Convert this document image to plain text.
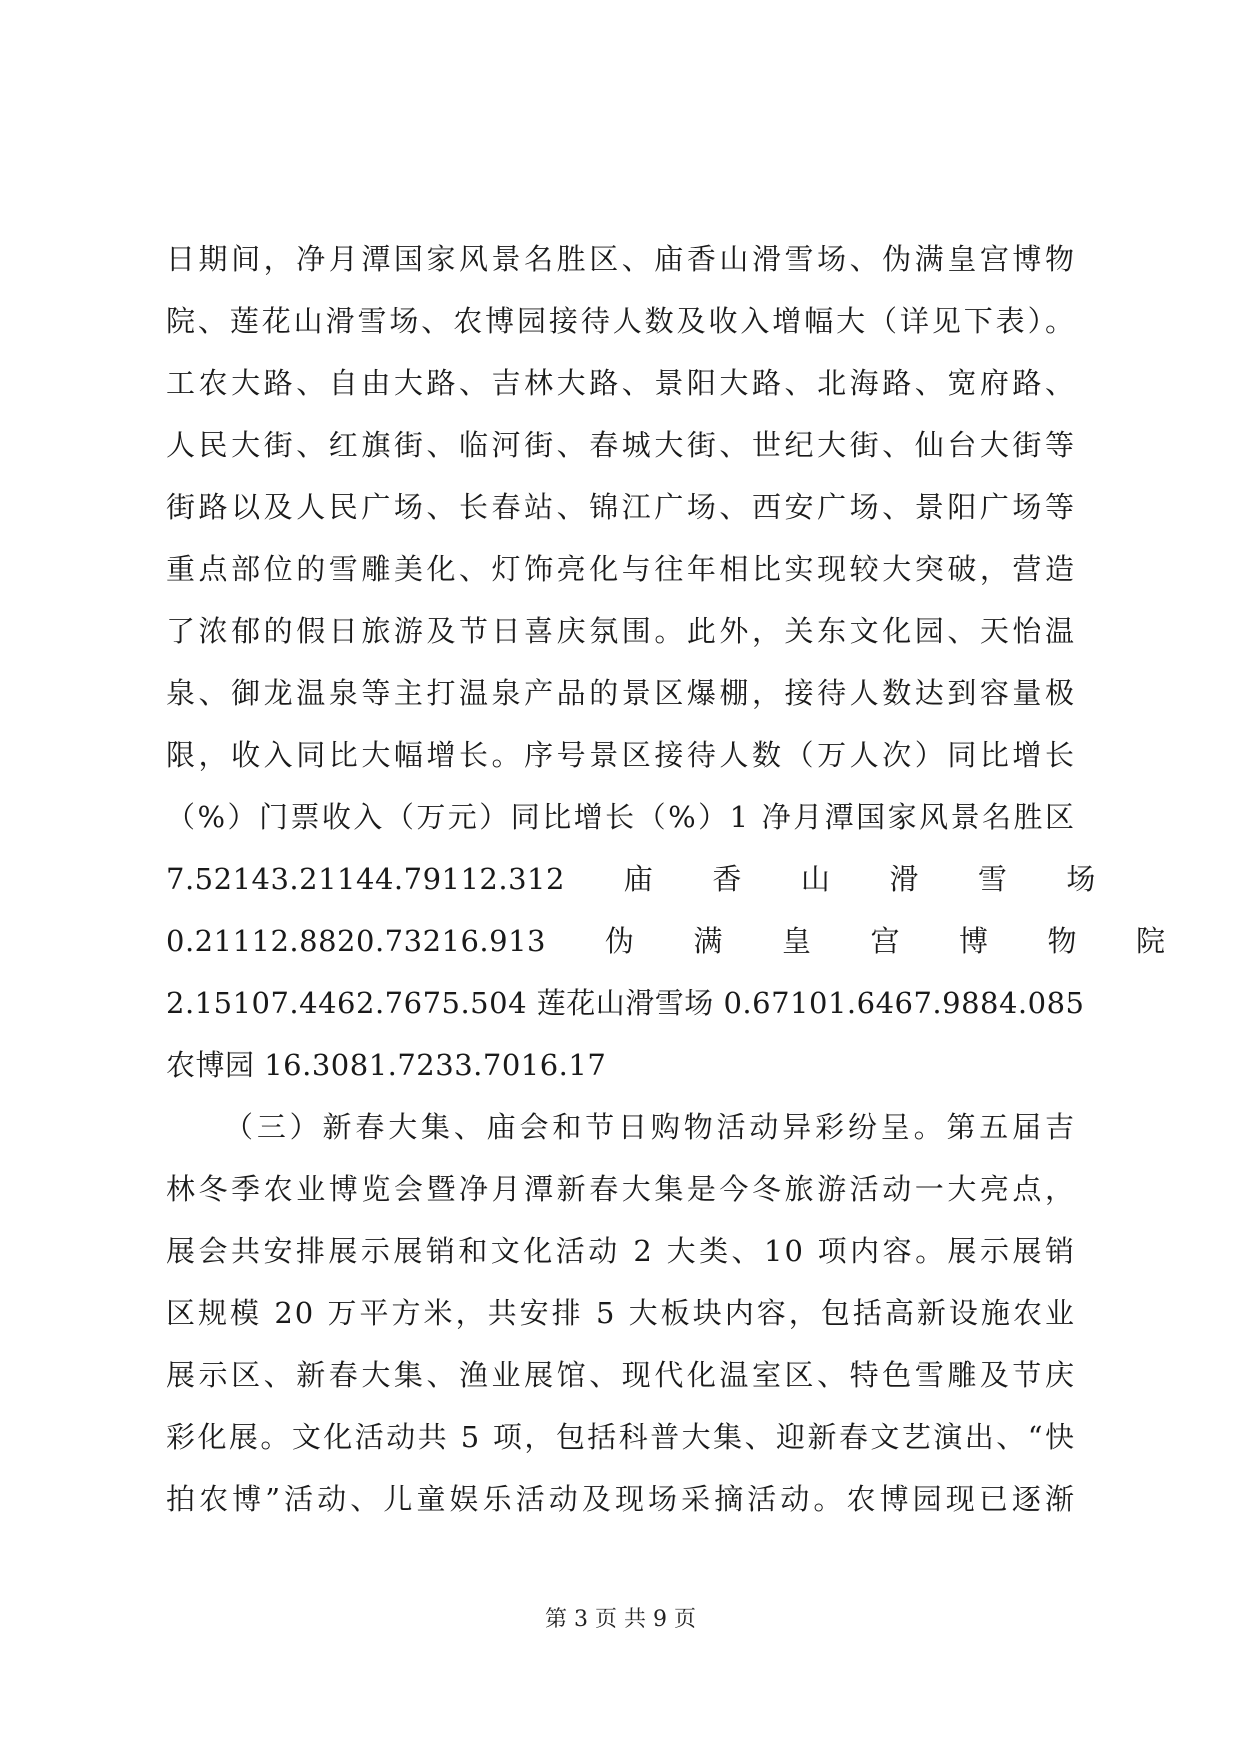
日期间，净月潭国家风景名胜区、庙香山滑雪场、伪满皇宫博物
院、莲花山滑雪场、农博园接待人数及收入增幅大（详见下表）。
工农大路、自由大路、吉林大路、景阳大路、北海路、宽府路、
人民大街、红旗街、临河街、春城大街、世纪大街、仙台大街等
街路以及人民广场、长春站、锦江广场、西安广场、景阳广场等
重点部位的雪雕美化、灯饰亮化与往年相比实现较大突破，营造
了浓郁的假日旅游及节日喜庆氛围。此外，关东文化园、天怡温
泉、御龙温泉等主打温泉产品的景区爆棚，接待人数达到容量极
限，收入同比大幅增长。序号景区接待人数（万人次）同比增长
（%）门票收入（万元）同比增长（%）1 净月潭国家风景名胜区
7.52143.21144.79112.312　　庙　　香　　山　　滑　　雪　　场
0.21112.8820.73216.913　　伪　　满　　皇　　宫　　博　　物　　院
2.15107.4462.7675.504 莲花山滑雪场 0.67101.6467.9884.085
农博园 16.3081.7233.7016.17
（三）新春大集、庙会和节日购物活动异彩纷呈。第五届吉
林冬季农业博览会暨净月潭新春大集是今冬旅游活动一大亮点，
展会共安排展示展销和文化活动 2 大类、10 项内容。展示展销
区规模 20 万平方米，共安排 5 大板块内容，包括高新设施农业
展示区、新春大集、渔业展馆、现代化温室区、特色雪雕及节庆
彩化展。文化活动共 5 项，包括科普大集、迎新春文艺演出、“快
拍农博”活动、儿童娱乐活动及现场采摘活动。农博园现已逐渐
第 3 页 共 9 页
